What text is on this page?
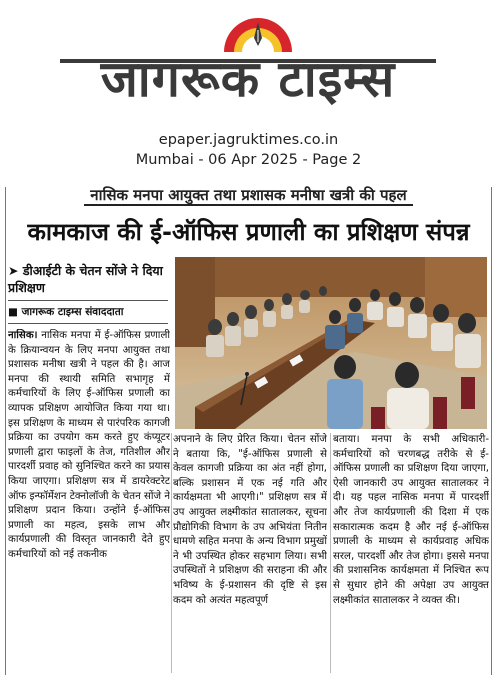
जागरूक टाइम्स
epaper.jagruktimes.co.in
Mumbai - 06 Apr 2025 - Page 2
नासिक मनपा आयुक्त तथा प्रशासक मनीषा खत्री की पहल
कामकाज की ई-ऑफिस प्रणाली का प्रशिक्षण संपन्न
➤ डीआईटी के चेतन सोंजे ने दिया प्रशिक्षण
■ जागरूक टाइम्स संवाददाता

नासिक। नासिक मनपा में ई-ऑफिस प्रणाली के क्रियान्वयन के लिए मनपा आयुक्त तथा प्रशासक मनीषा खत्री ने पहल की है। आज मनपा की स्थायी समिति सभागृह में कर्मचारियों के लिए ई-ऑफिस प्रणाली का व्यापक प्रशिक्षण आयोजित किया गया था। इस प्रशिक्षण के माध्यम से पारंपरिक कागजी प्रक्रिया का उपयोग कम करते हुए कंप्यूटर प्रणाली द्वारा फाइलों के तेज, गतिशील और पारदर्शी प्रवाह को सुनिश्चित करने का प्रयास किया जाएगा। प्रशिक्षण सत्र में डायरेक्टरेट ऑफ इन्फॉर्मेशन टेक्नोलॉजी के चेतन सोंजे ने प्रशिक्षण प्रदान किया। उन्होंने ई-ऑफिस प्रणाली का महत्व, इसके लाभ और कार्यप्रणाली की विस्तृत जानकारी देते हुए कर्मचारियों को नई तकनीक

अपनाने के लिए प्रेरित किया। चेतन सोंजे ने बताया कि, "ई-ऑफिस प्रणाली से केवल कागजी प्रक्रिया का अंत नहीं होगा, बल्कि प्रशासन में एक नई गति और कार्यक्षमता भी आएगी।" प्रशिक्षण सत्र में उप आयुक्त लक्ष्मीकांत सातालकर, सूचना प्रौद्योगिकी विभाग के उप अभियंता नितीन धामणे सहित मनपा के अन्य विभाग प्रमुखों ने भी उपस्थित होकर सहभाग लिया। सभी उपस्थितों ने प्रशिक्षण की सराहना की और भविष्य के ई-प्रशासन की दृष्टि से इस कदम को अत्यंत महत्वपूर्ण

बताया। मनपा के सभी अधिकारी-कर्मचारियों को चरणबद्ध तरीके से ई-ऑफिस प्रणाली का प्रशिक्षण दिया जाएगा, ऐसी जानकारी उप आयुक्त सातालकर ने दी। यह पहल नासिक मनपा में पारदर्शी और तेज कार्यप्रणाली की दिशा में एक सकारात्मक कदम है और नई ई-ऑफिस प्रणाली के माध्यम से कार्यप्रवाह अधिक सरल, पारदर्शी और तेज होगा। इससे मनपा की प्रशासनिक कार्यक्षमता में निश्चित रूप से सुधार होने की अपेक्षा उप आयुक्त लक्ष्मीकांत सातालकर ने व्यक्त की।
